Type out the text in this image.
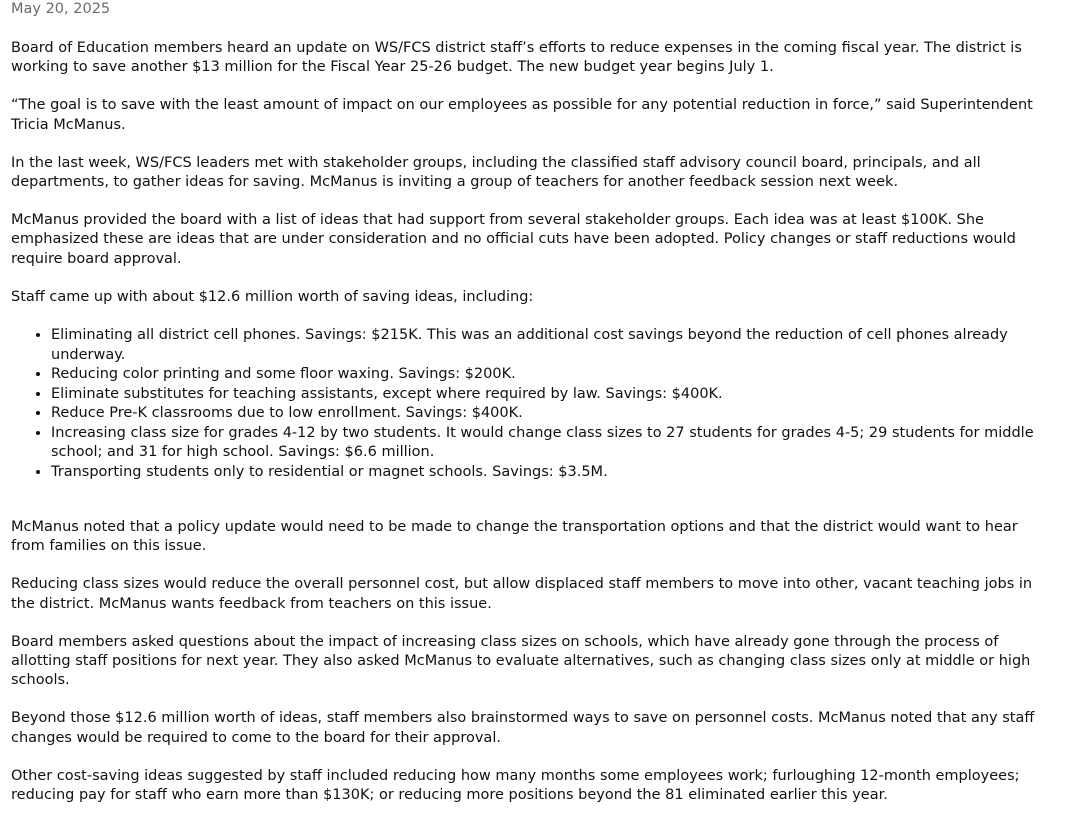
May 20, 2025

Board of Education members heard an update on WS/FCS district staff’s efforts to reduce expenses in the coming fiscal year. The district is working to save another $13 million for the Fiscal Year 25-26 budget. The new budget year begins July 1.

“The goal is to save with the least amount of impact on our employees as possible for any potential reduction in force,” said Superintendent Tricia McManus.

In the last week, WS/FCS leaders met with stakeholder groups, including the classified staff advisory council board, principals, and all departments, to gather ideas for saving. McManus is inviting a group of teachers for another feedback session next week.

McManus provided the board with a list of ideas that had support from several stakeholder groups. Each idea was at least $100K. She emphasized these are ideas that are under consideration and no official cuts have been adopted. Policy changes or staff reductions would require board approval.

Staff came up with about $12.6 million worth of saving ideas, including:

• Eliminating all district cell phones. Savings: $215K. This was an additional cost savings beyond the reduction of cell phones already underway.
• Reducing color printing and some floor waxing. Savings: $200K.
• Eliminate substitutes for teaching assistants, except where required by law. Savings: $400K.
• Reduce Pre-K classrooms due to low enrollment. Savings: $400K.
• Increasing class size for grades 4-12 by two students. It would change class sizes to 27 students for grades 4-5; 29 students for middle school; and 31 for high school. Savings: $6.6 million.
• Transporting students only to residential or magnet schools. Savings: $3.5M.

McManus noted that a policy update would need to be made to change the transportation options and that the district would want to hear from families on this issue.

Reducing class sizes would reduce the overall personnel cost, but allow displaced staff members to move into other, vacant teaching jobs in the district. McManus wants feedback from teachers on this issue.

Board members asked questions about the impact of increasing class sizes on schools, which have already gone through the process of allotting staff positions for next year. They also asked McManus to evaluate alternatives, such as changing class sizes only at middle or high schools.

Beyond those $12.6 million worth of ideas, staff members also brainstormed ways to save on personnel costs. McManus noted that any staff changes would be required to come to the board for their approval.

Other cost-saving ideas suggested by staff included reducing how many months some employees work; furloughing 12-month employees; reducing pay for staff who earn more than $130K; or reducing more positions beyond the 81 eliminated earlier this year.
